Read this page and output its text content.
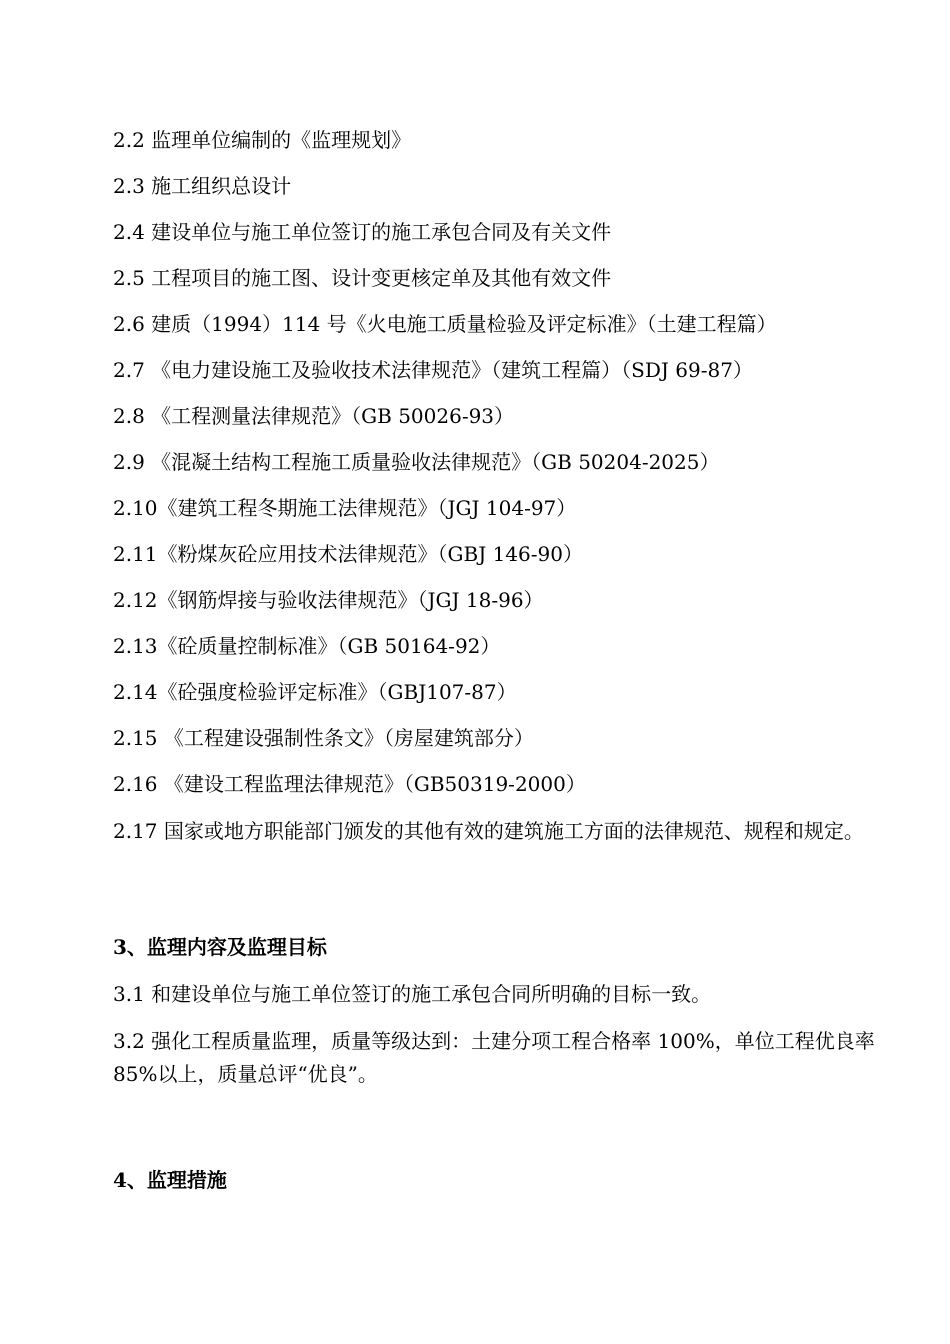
2.2 监理单位编制的《监理规划》

2.3 施工组织总设计

2.4 建设单位与施工单位签订的施工承包合同及有关文件

2.5 工程项目的施工图、设计变更核定单及其他有效文件

2.6 建质（1994）114 号《火电施工质量检验及评定标准》（土建工程篇）

2.7 《电力建设施工及验收技术法律规范》（建筑工程篇）（SDJ 69-87）

2.8 《工程测量法律规范》（GB 50026-93）

2.9 《混凝土结构工程施工质量验收法律规范》（GB 50204-2025）

2.10《建筑工程冬期施工法律规范》（JGJ 104-97）

2.11《粉煤灰砼应用技术法律规范》（GBJ 146-90）

2.12《钢筋焊接与验收法律规范》（JGJ 18-96）

2.13《砼质量控制标准》（GB 50164-92）

2.14《砼强度检验评定标准》（GBJ107-87）

2.15 《工程建设强制性条文》（房屋建筑部分）

2.16 《建设工程监理法律规范》（GB50319-2000）

2.17 国家或地方职能部门颁发的其他有效的建筑施工方面的法律规范、规程和规定。

3、监理内容及监理目标

3.1 和建设单位与施工单位签订的施工承包合同所明确的目标一致。

3.2 强化工程质量监理，质量等级达到：土建分项工程合格率 100%，单位工程优良率 85%以上，质量总评“优良”。

4、监理措施
